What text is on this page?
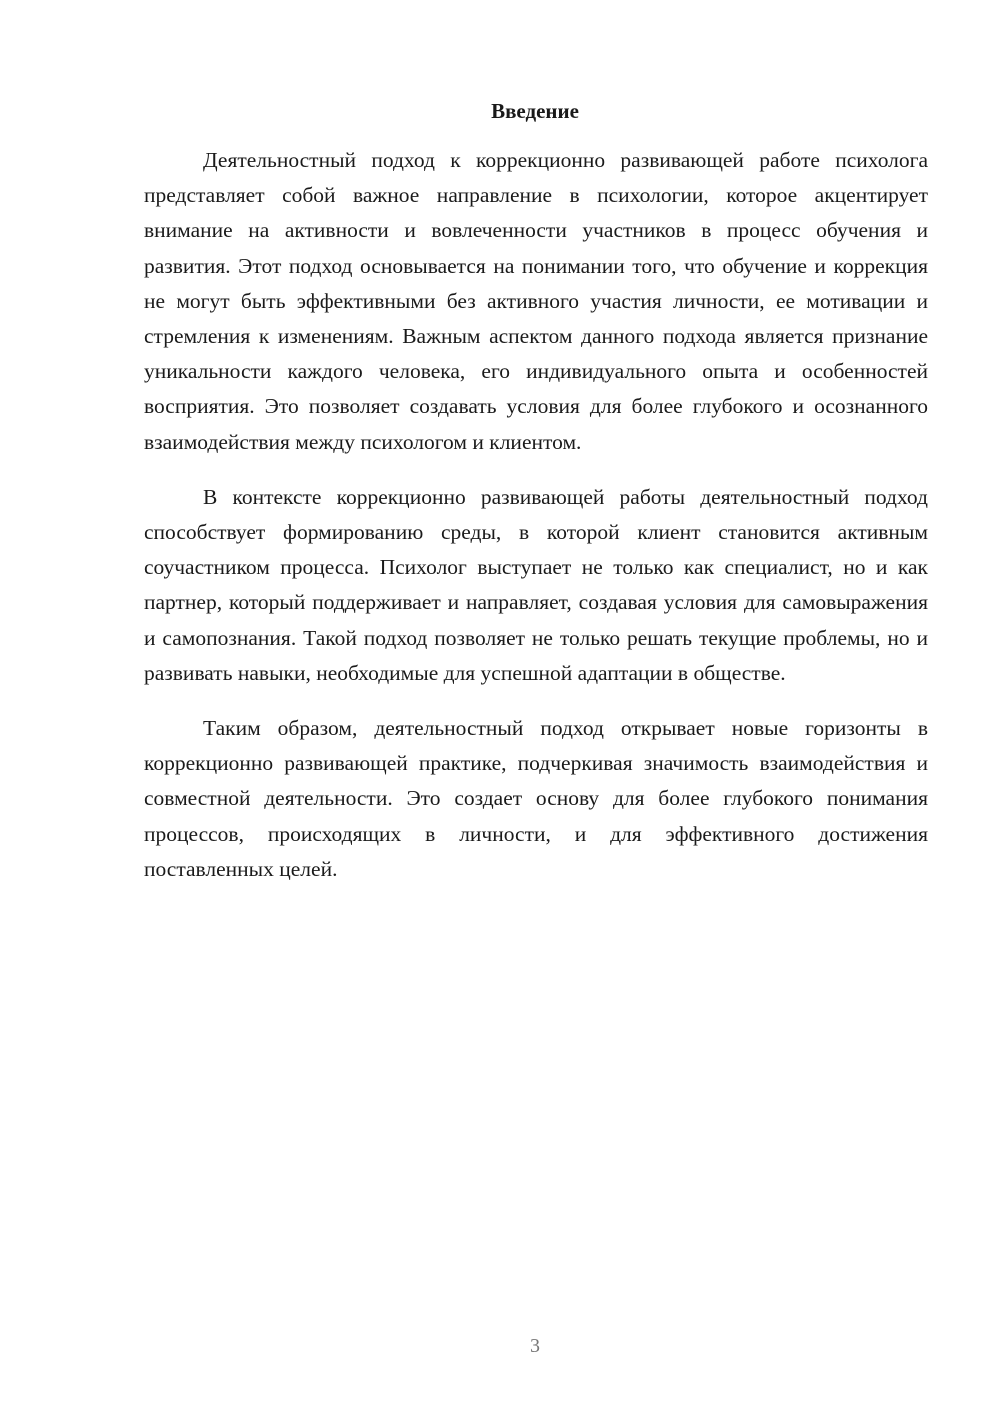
Введение

Деятельностный подход к коррекционно развивающей работе психолога представляет собой важное направление в психологии, которое акцентирует внимание на активности и вовлеченности участников в процесс обучения и развития. Этот подход основывается на понимании того, что обучение и коррекция не могут быть эффективными без активного участия личности, ее мотивации и стремления к изменениям. Важным аспектом данного подхода является признание уникальности каждого человека, его индивидуального опыта и особенностей восприятия. Это позволяет создавать условия для более глубокого и осознанного взаимодействия между психологом и клиентом.

В контексте коррекционно развивающей работы деятельностный подход способствует формированию среды, в которой клиент становится активным соучастником процесса. Психолог выступает не только как специалист, но и как партнер, который поддерживает и направляет, создавая условия для самовыражения и самопознания. Такой подход позволяет не только решать текущие проблемы, но и развивать навыки, необходимые для успешной адаптации в обществе.

Таким образом, деятельностный подход открывает новые горизонты в коррекционно развивающей практике, подчеркивая значимость взаимодействия и совместной деятельности. Это создает основу для более глубокого понимания процессов, происходящих в личности, и для эффективного достижения поставленных целей.

3
